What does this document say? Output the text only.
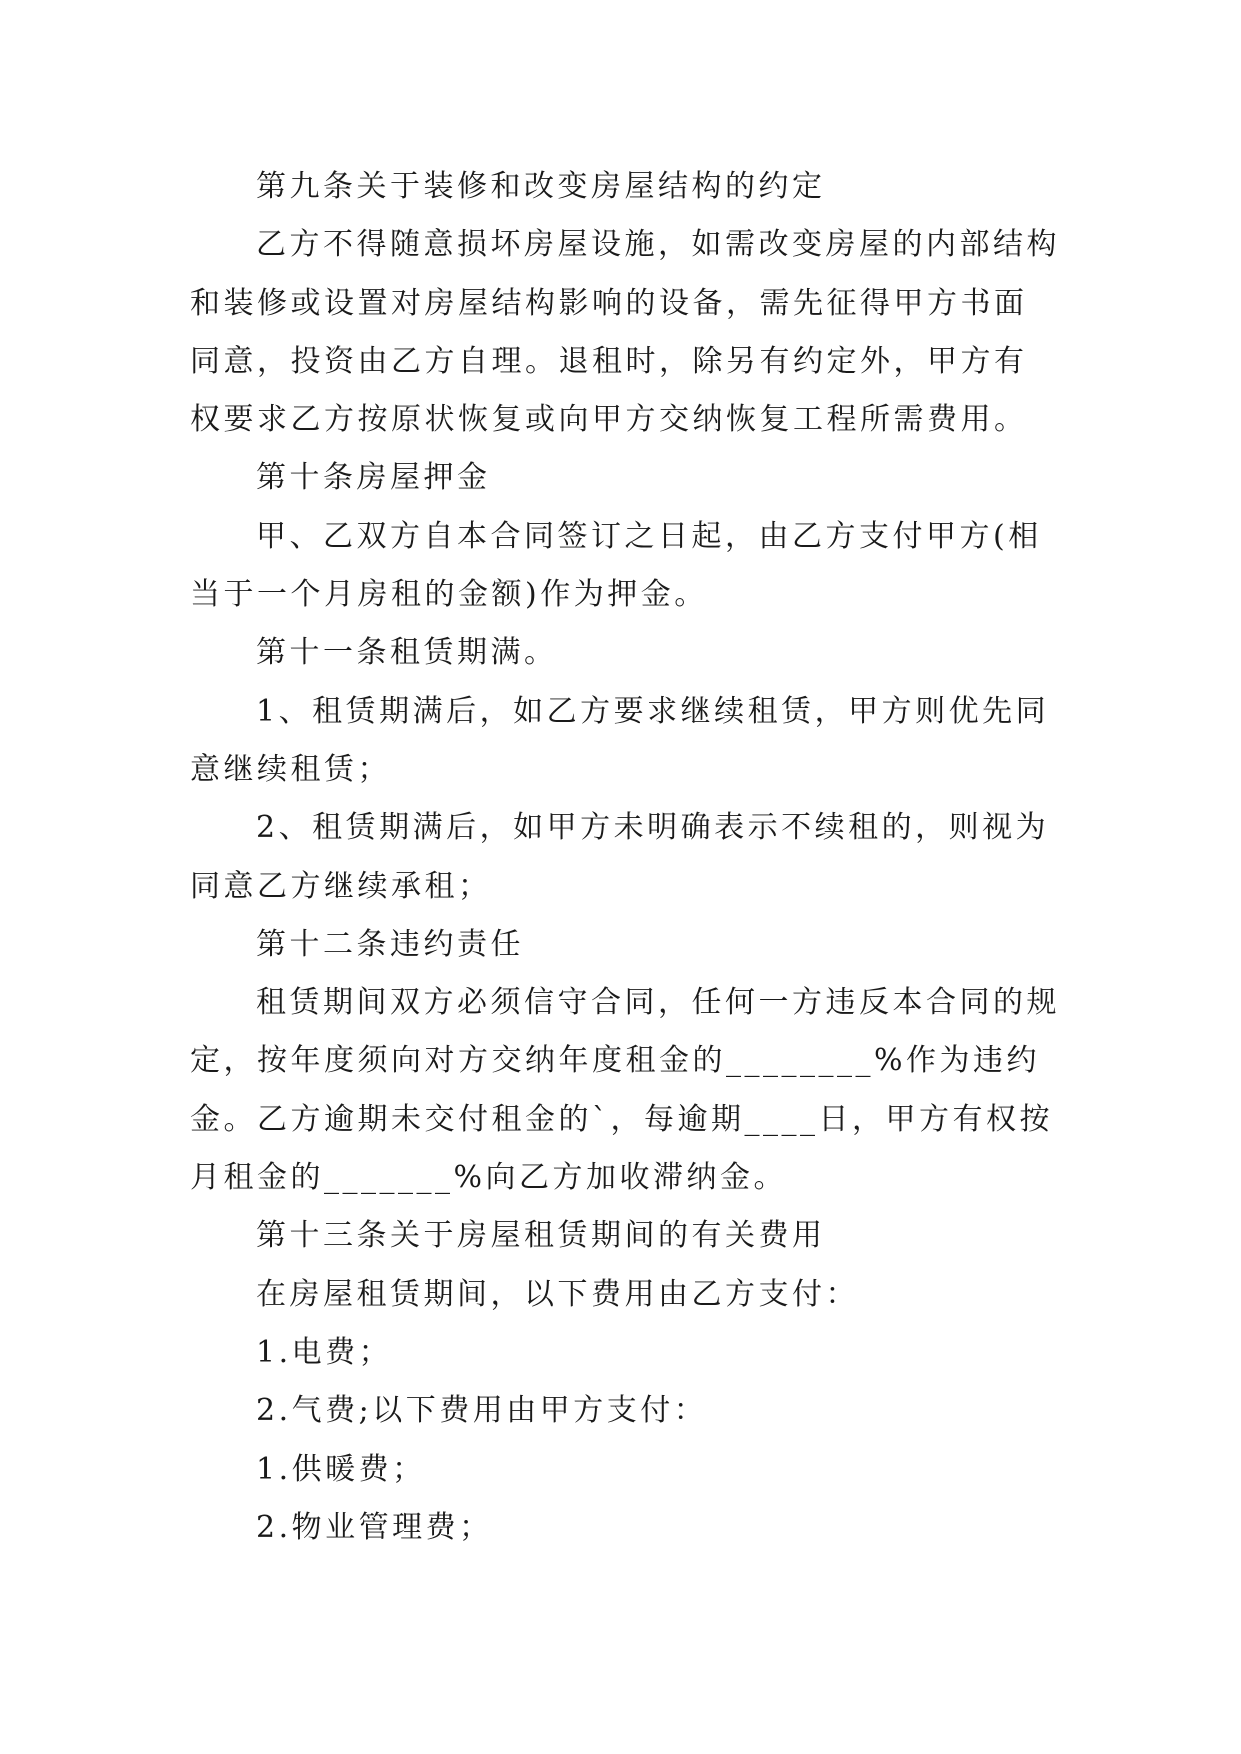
第九条关于装修和改变房屋结构的约定

乙方不得随意损坏房屋设施，如需改变房屋的内部结构和装修或设置对房屋结构影响的设备，需先征得甲方书面同意，投资由乙方自理。退租时，除另有约定外，甲方有权要求乙方按原状恢复或向甲方交纳恢复工程所需费用。

第十条房屋押金

甲、乙双方自本合同签订之日起，由乙方支付甲方(相当于一个月房租的金额)作为押金。

第十一条租赁期满。

1、租赁期满后，如乙方要求继续租赁，甲方则优先同意继续租赁；

2、租赁期满后，如甲方未明确表示不续租的，则视为同意乙方继续承租；

第十二条违约责任

租赁期间双方必须信守合同，任何一方违反本合同的规定，按年度须向对方交纳年度租金的________%作为违约金。乙方逾期未交付租金的`，每逾期____日，甲方有权按月租金的_______%向乙方加收滞纳金。

第十三条关于房屋租赁期间的有关费用

在房屋租赁期间，以下费用由乙方支付：

1.电费；

2.气费;以下费用由甲方支付：

1.供暖费；

2.物业管理费；
